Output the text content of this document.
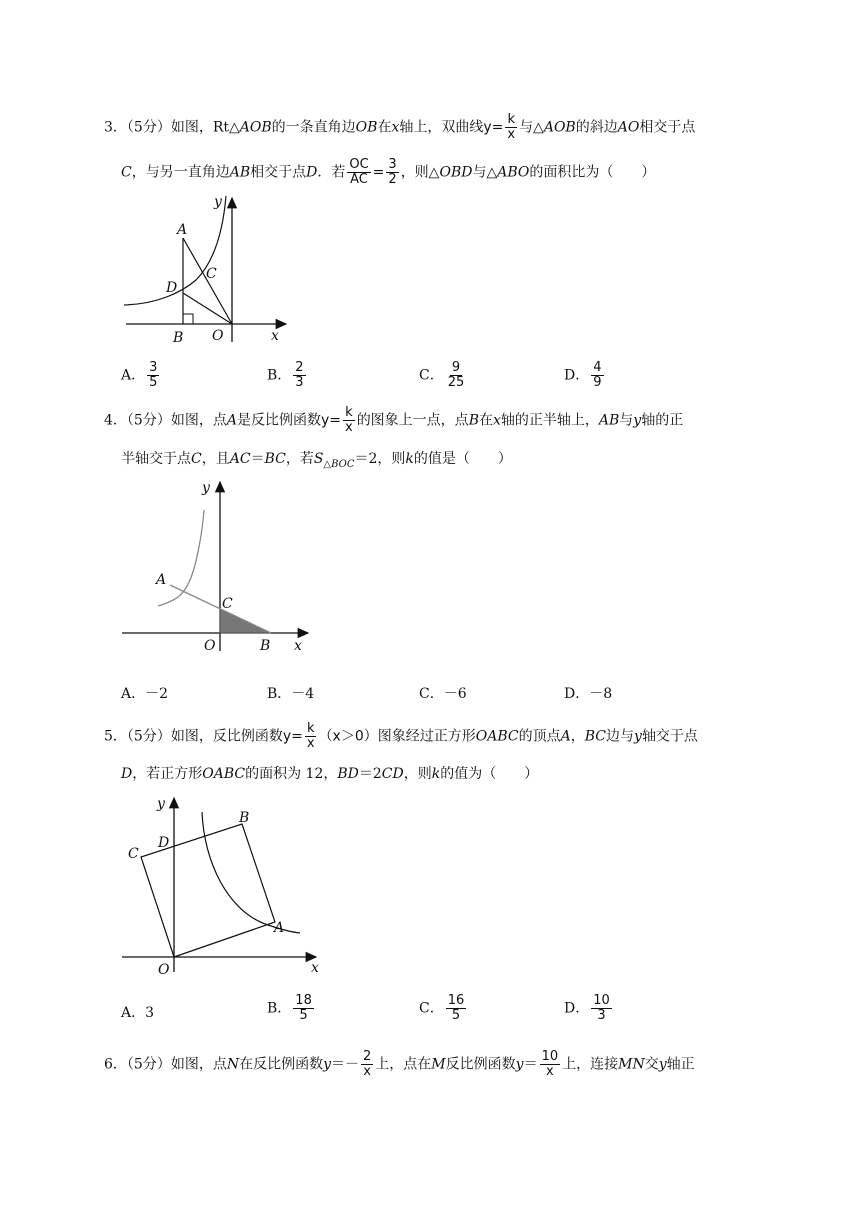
3．（5分）如图，Rt△AOB的一条直角边OB在x轴上，双曲线$y= \frac{k}{x}$ 与△AOB的斜边AO相交于点
C，与另一直角边AB相交于点D．若 $\frac{OC}{AC} = \frac{3}{2}$ ，则△OBD与△ABO的面积比为（　　）
y
A
C
D
B O	x
A． $\frac{3}{5}$	B． $\frac{2}{3}$	C． $\frac{9}{25}$	D． $\frac{4}{9}$
4．（5分）如图，点A是反比例函数$y= \frac{k}{x}$ 的图象上一点，点B在x轴的正半轴上，AB与y轴的正
半轴交于点C，且AC＝BC，若$S_{\triangle BOC}=2$，则k的值是（　　）
y
A
C
O	B x
A．－2	B．－4	C．－6	D．－8
5．（5分）如图，反比例函数$y= \frac{k}{x} (x>0)$图象经过正方形OABC的顶点A，BC边与y轴交于点
D，若正方形OABC的面积为 12，BD＝2CD，则k的值为（　　）
y
B
D
C
A
O	x
A．3	B． $\frac{18}{5}$	C． $\frac{16}{5}$	D． $\frac{10}{3}$
6．（5分）如图，点N在反比例函数$y=- \frac{2}{x}$ 上，点在M反比例函数$y= \frac{10}{x}$ 上，连接MN交y轴正
